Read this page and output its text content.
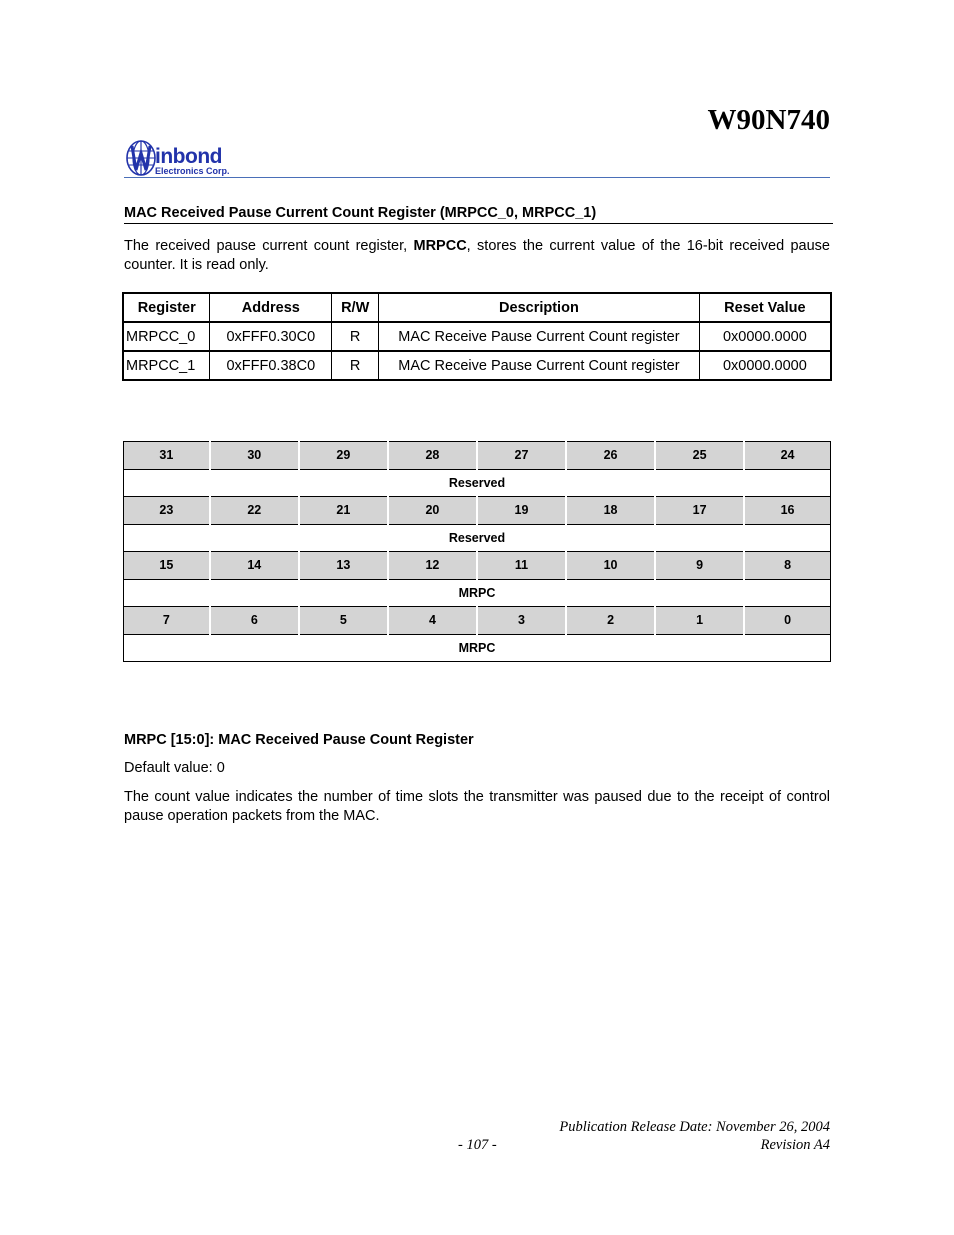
W90N740
inbond
Electronics Corp.
MAC Received Pause Current Count Register (MRPCC_0, MRPCC_1)
The received pause current count register, MRPCC, stores the current value of the 16-bit received pause counter. It is read only.
Register	Address	R/W	Description	Reset Value
MRPCC_0	0xFFF0.30C0	R	MAC Receive Pause Current Count register	0x0000.0000
MRPCC_1	0xFFF0.38C0	R	MAC Receive Pause Current Count register	0x0000.0000
31	30	29	28	27	26	25	24
Reserved							
23	22	21	20	19	18	17	16
Reserved							
15	14	13	12	11	10	9	8
MRPC							
7	6	5	4	3	2	1	0
MRPC							
MRPC [15:0]: MAC Received Pause Count Register
Default value: 0
The count value indicates the number of time slots the transmitter was paused due to the receipt of control pause operation packets from the MAC.
Publication Release Date: November 26, 2004
- 107 -	Revision A4
